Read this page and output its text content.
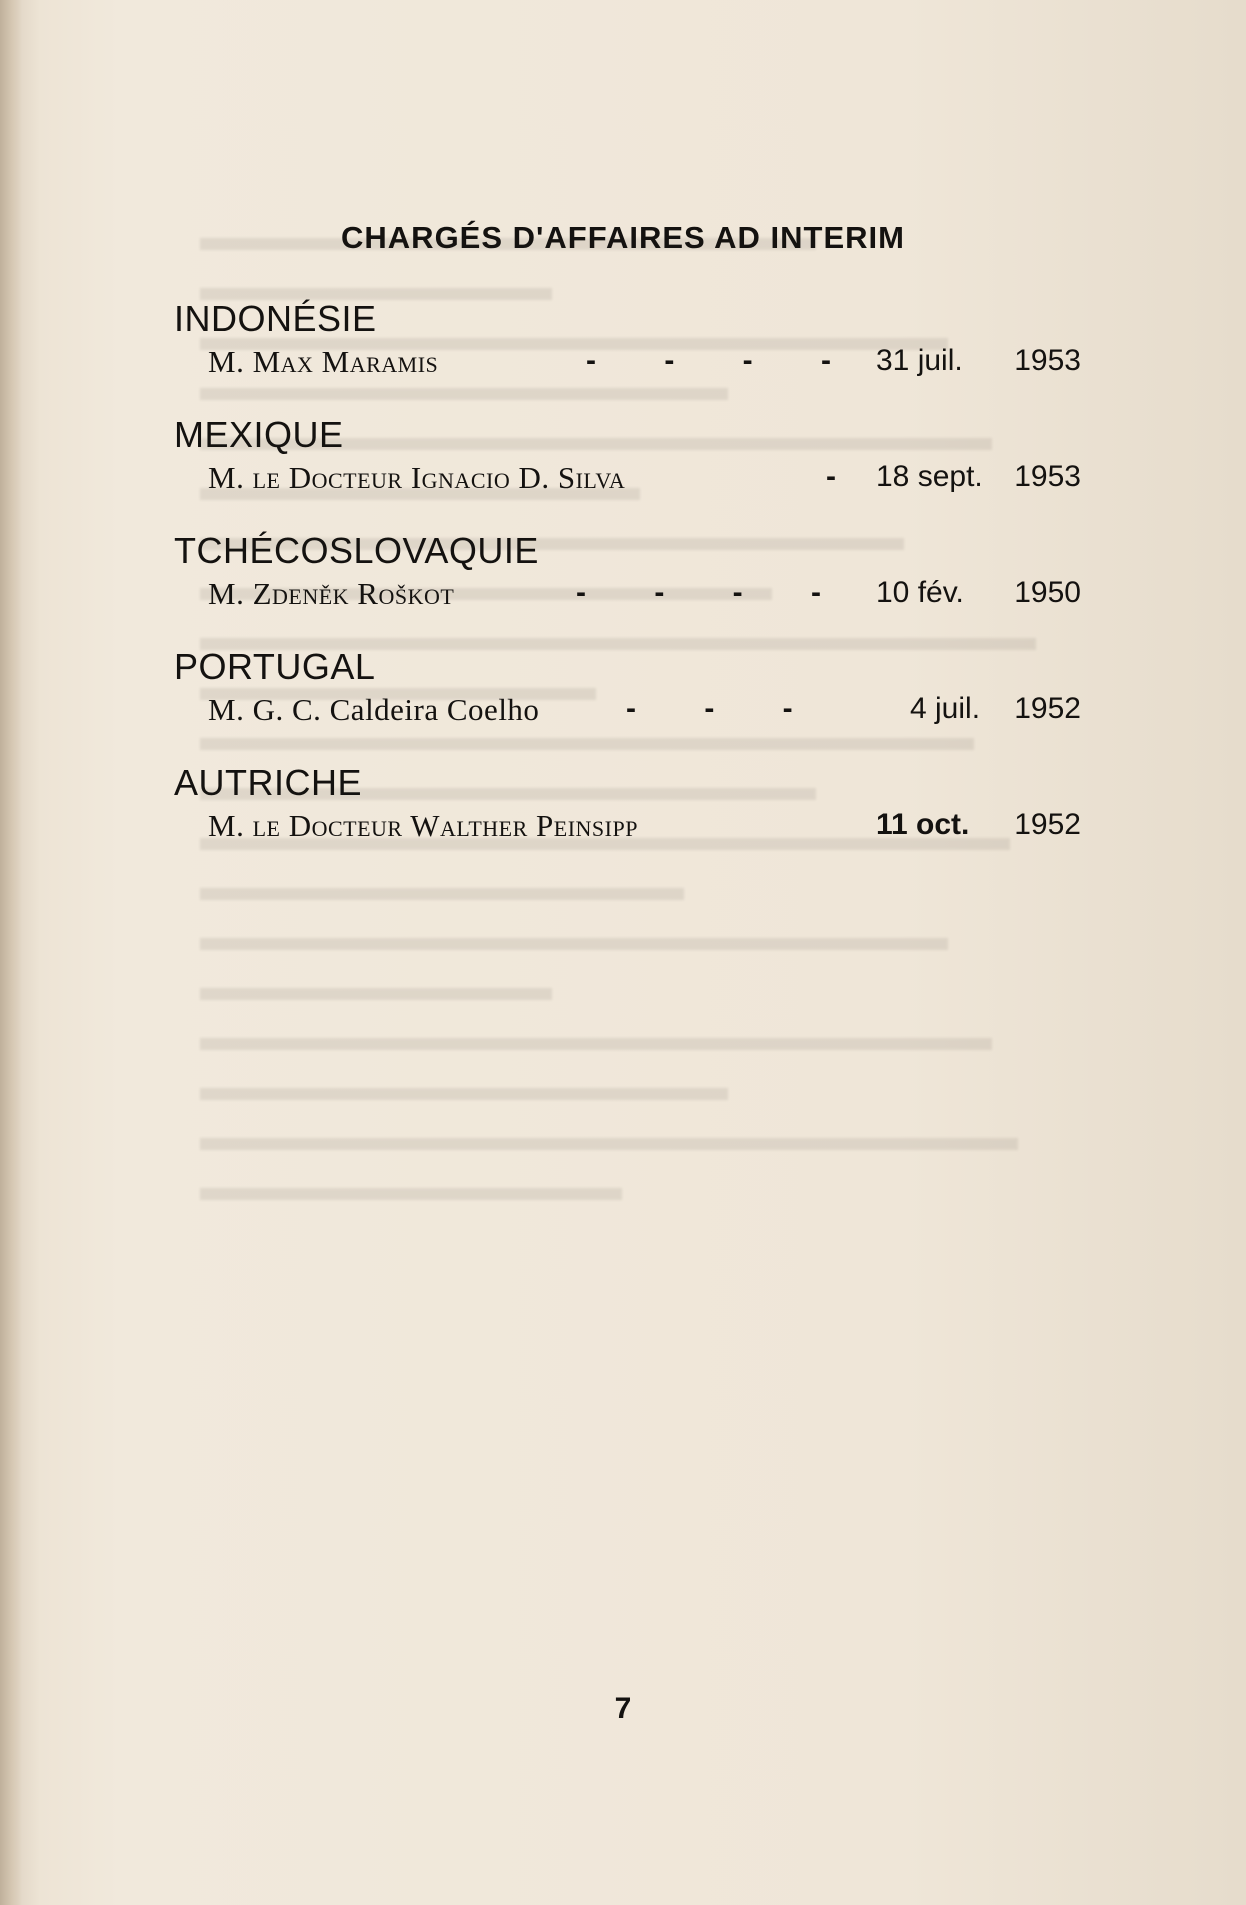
CHARGÉS D'AFFAIRES AD INTERIM
INDONÉSIE
M. Max Maramis	- - - - 31 juil. 1953
MEXIQUE
M. le Docteur Ignacio D. Silva	- 18 sept. 1953
TCHÉCOSLOVAQUIE
M. Zdeněk Roškot	- - - - 10 fév. 1950
PORTUGAL
M. G. C. Caldeira Coelho	- - -	4 juil. 1952
AUTRICHE
M. le Docteur Walther Peinsipp	11 oct. 1952
7
